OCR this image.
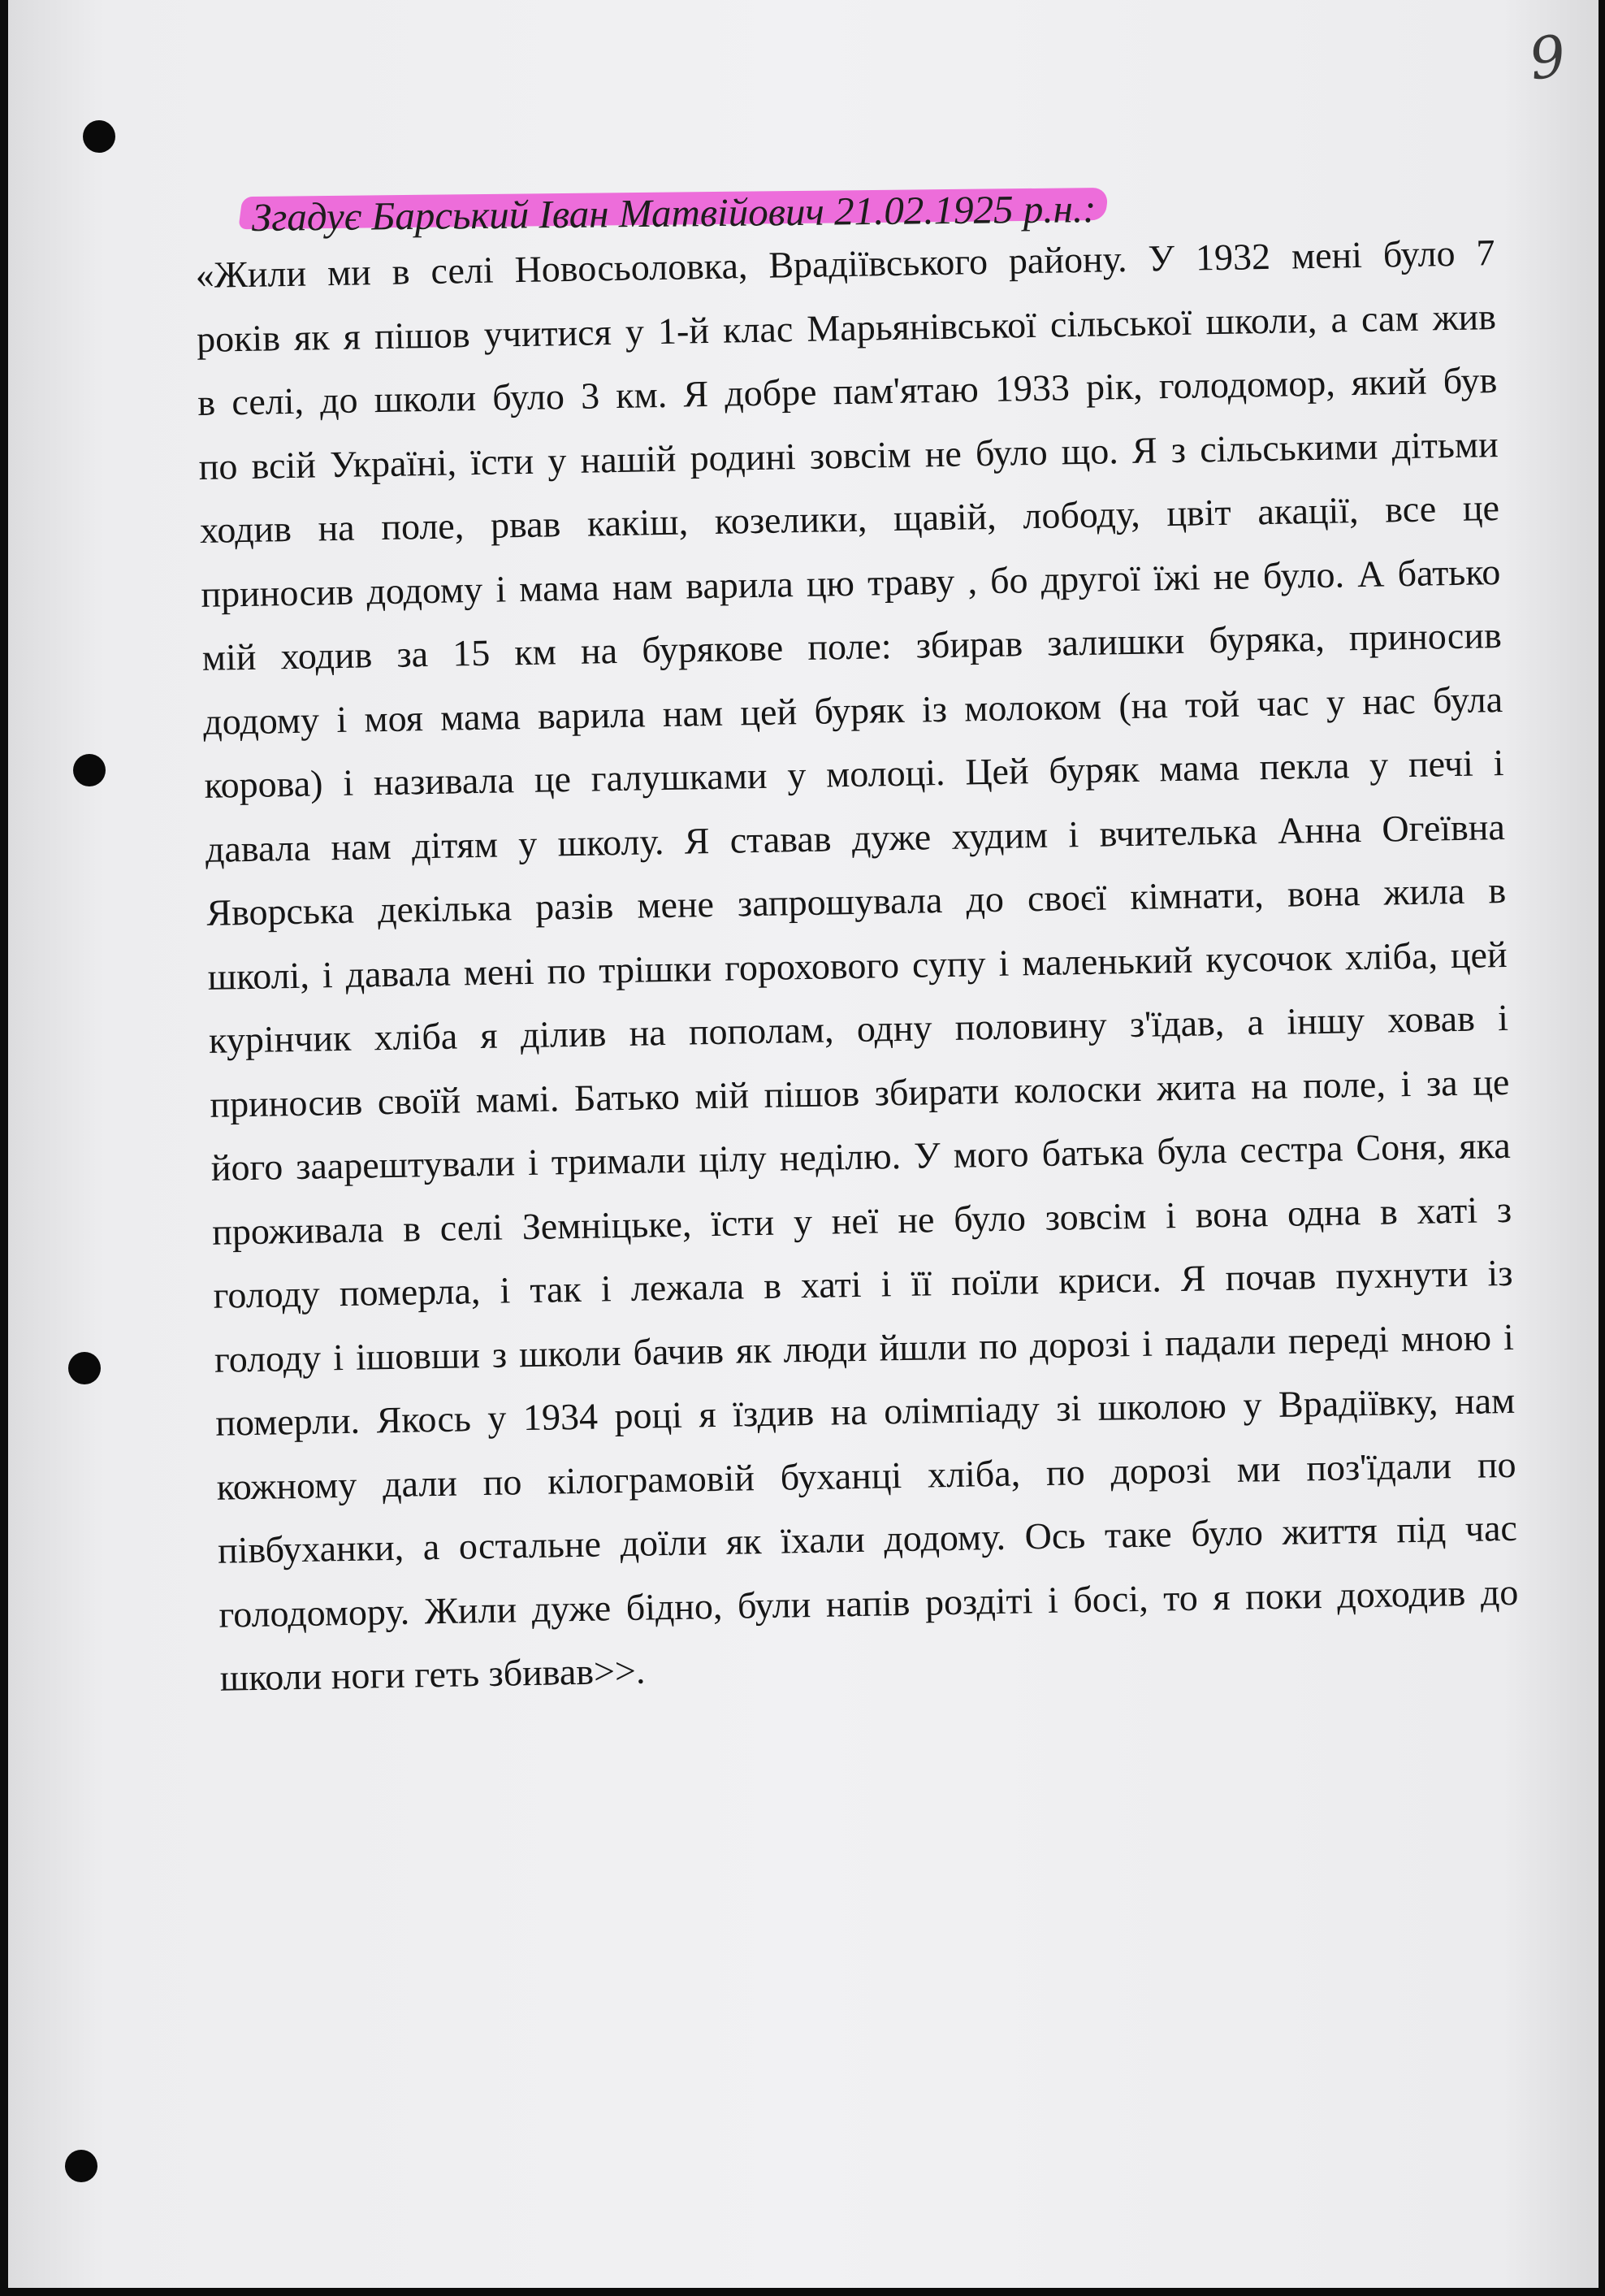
9
Згадує Барський Іван Матвійович 21.02.1925 р.н.:
«Жили ми в селі Новосьоловка, Врадіївського району. У 1932 мені було 7
років як я пішов учитися у 1-й клас Марьянівської сільської школи, а сам жив
в селі, до школи було 3 км. Я добре пам'ятаю 1933 рік, голодомор, який був
по всій Україні, їсти у нашій родині зовсім не було що. Я з сільськими дітьми
ходив на поле, рвав какіш, козелики, щавій, лободу, цвіт акації, все це
приносив додому і мама нам варила цю траву , бо другої їжі не було. А батько
мій ходив за 15 км на буряковe поле: збирав залишки буряка, приносив
додому і моя мама варила нам цей буряк із молоком (на той час у нас була
корова) і називала це галушками у молоці. Цей буряк мама пекла у печі і
давала нам дітям у школу. Я ставав дуже худим і вчителька Анна Огеївна
Яворська декілька разів мене запрошувала до своєї кімнати, вона жила в
школі, і давала мені по трішки горохового супу і маленький кусочок хліба, цей
курінчик хліба я ділив на пополам, одну половину з'їдав, а іншу ховав і
приносив своїй мамі. Батько мій пішов збирати колоски жита на поле, і за це
його заарештували і тримали цілу неділю. У мого батька була сестра Соня, яка
проживала в селі Земніцьке, їсти у неї не було зовсім і вона одна в хаті з
голоду померла, і так і лежала в хаті і її поїли криси. Я почав пухнути із
голоду і ішовши з школи бачив як люди йшли по дорозі і падали переді мною і
померли. Якось у 1934 році я їздив на олімпіаду зі школою у Врадіївку, нам
кожному дали по кілограмовій буханці хліба, по дорозі ми поз'їдали по
півбуханки, а остальне доїли як їхали додому. Ось таке було життя під час
голодомору. Жили дуже бідно, були напів роздіті і босі, то я поки доходив до
школи ноги геть збивав>>.
